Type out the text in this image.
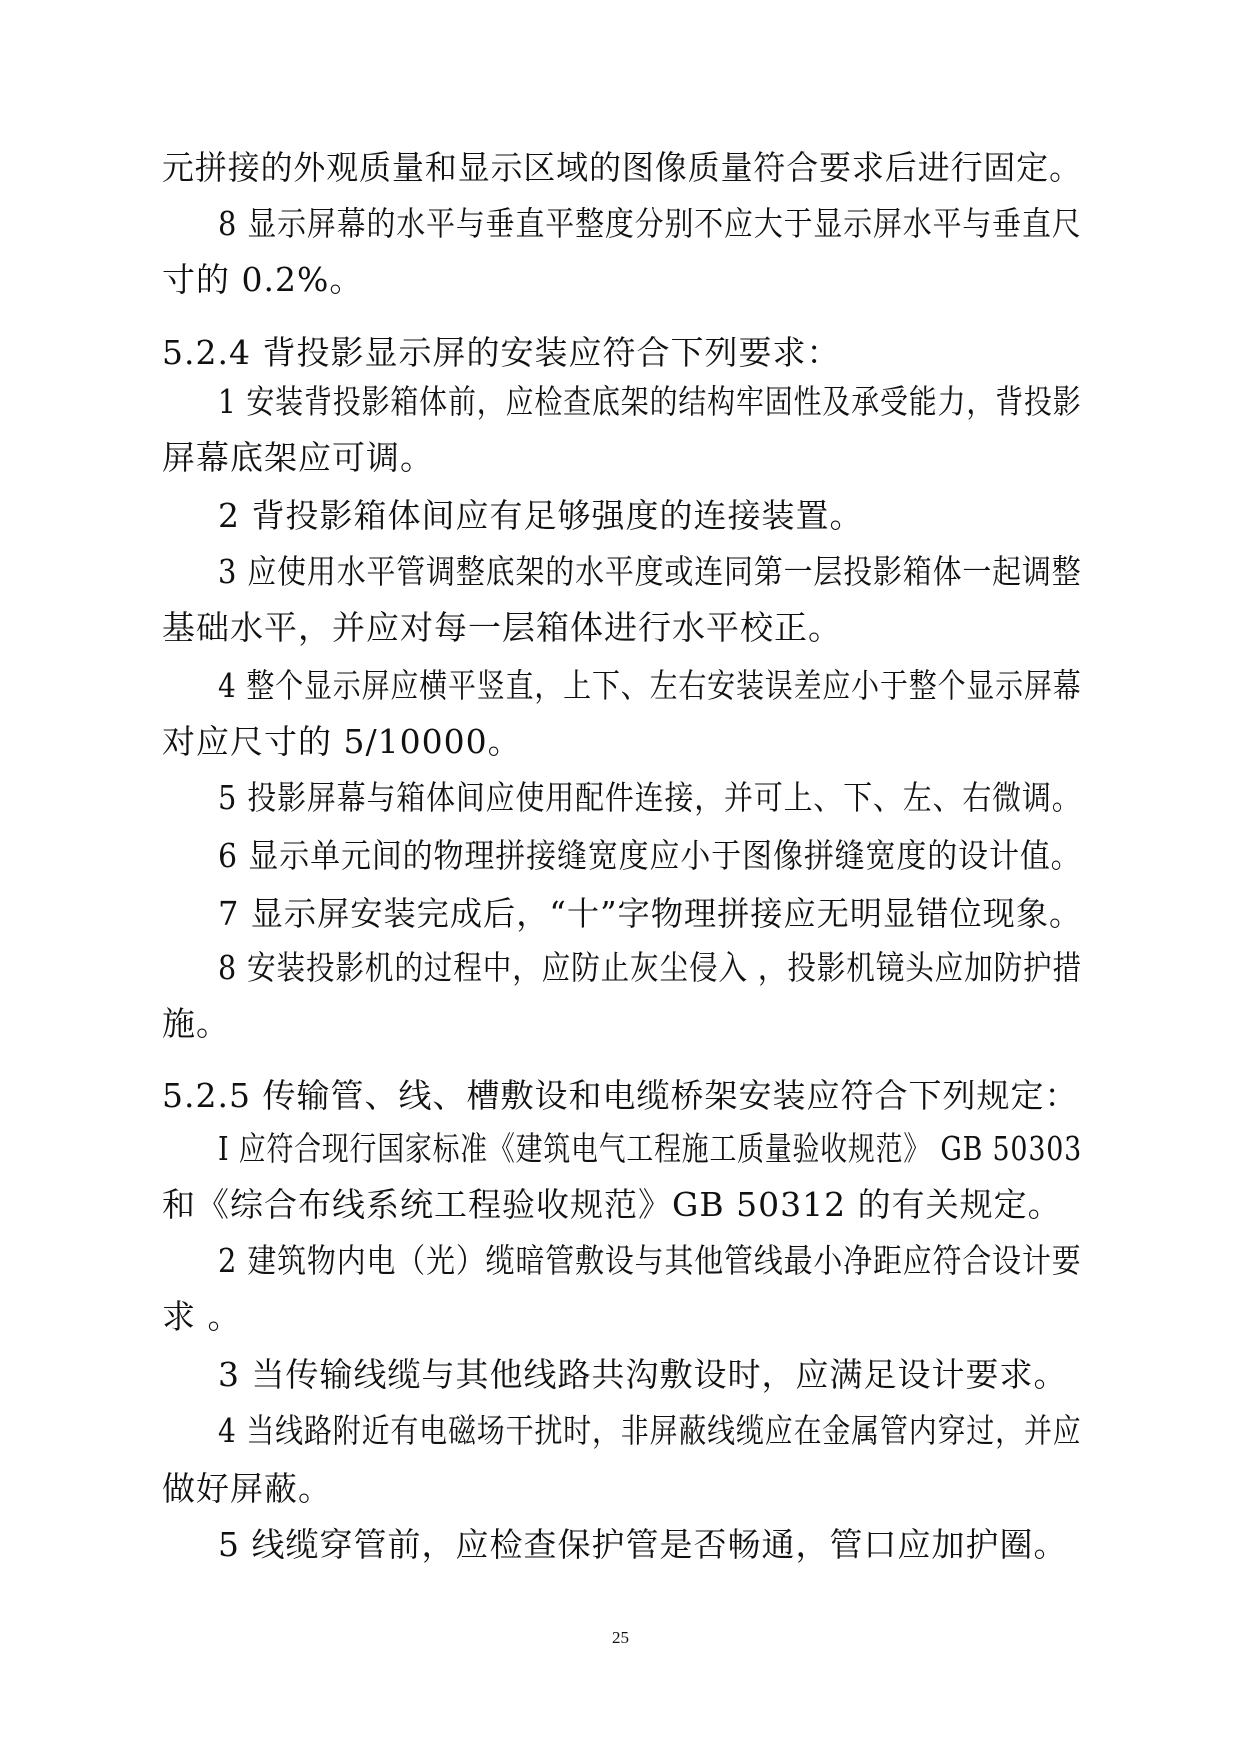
元拼接的外观质量和显示区域的图像质量符合要求后进行固定。
8 显示屏幕的水平与垂直平整度分别不应大于显示屏水平与垂直尺
寸的 0.2%。
5.2.4 背投影显示屏的安装应符合下列要求：
1 安装背投影箱体前，应检查底架的结构牢固性及承受能力，背投影
屏幕底架应可调。
2 背投影箱体间应有足够强度的连接装置。
3 应使用水平管调整底架的水平度或连同第一层投影箱体一起调整
基础水平，并应对每一层箱体进行水平校正。
4 整个显示屏应横平竖直，上下、左右安装误差应小于整个显示屏幕
对应尺寸的 5/10000。
5 投影屏幕与箱体间应使用配件连接，并可上、下、左、右微调。
6 显示单元间的物理拼接缝宽度应小于图像拼缝宽度的设计值。
7 显示屏安装完成后，“十”字物理拼接应无明显错位现象。
8 安装投影机的过程中，应防止灰尘侵入 ，投影机镜头应加防护措
施。
5.2.5 传输管、线、槽敷设和电缆桥架安装应符合下列规定：
I 应符合现行国家标准《建筑电气工程施工质量验收规范》 GB 50303
和《综合布线系统工程验收规范》GB 50312 的有关规定。
2 建筑物内电（光）缆暗管敷设与其他管线最小净距应符合设计要
求 。
3 当传输线缆与其他线路共沟敷设时，应满足设计要求。
4 当线路附近有电磁场干扰时，非屏蔽线缆应在金属管内穿过，并应
做好屏蔽。
5 线缆穿管前，应检查保护管是否畅通，管口应加护圈。
25
